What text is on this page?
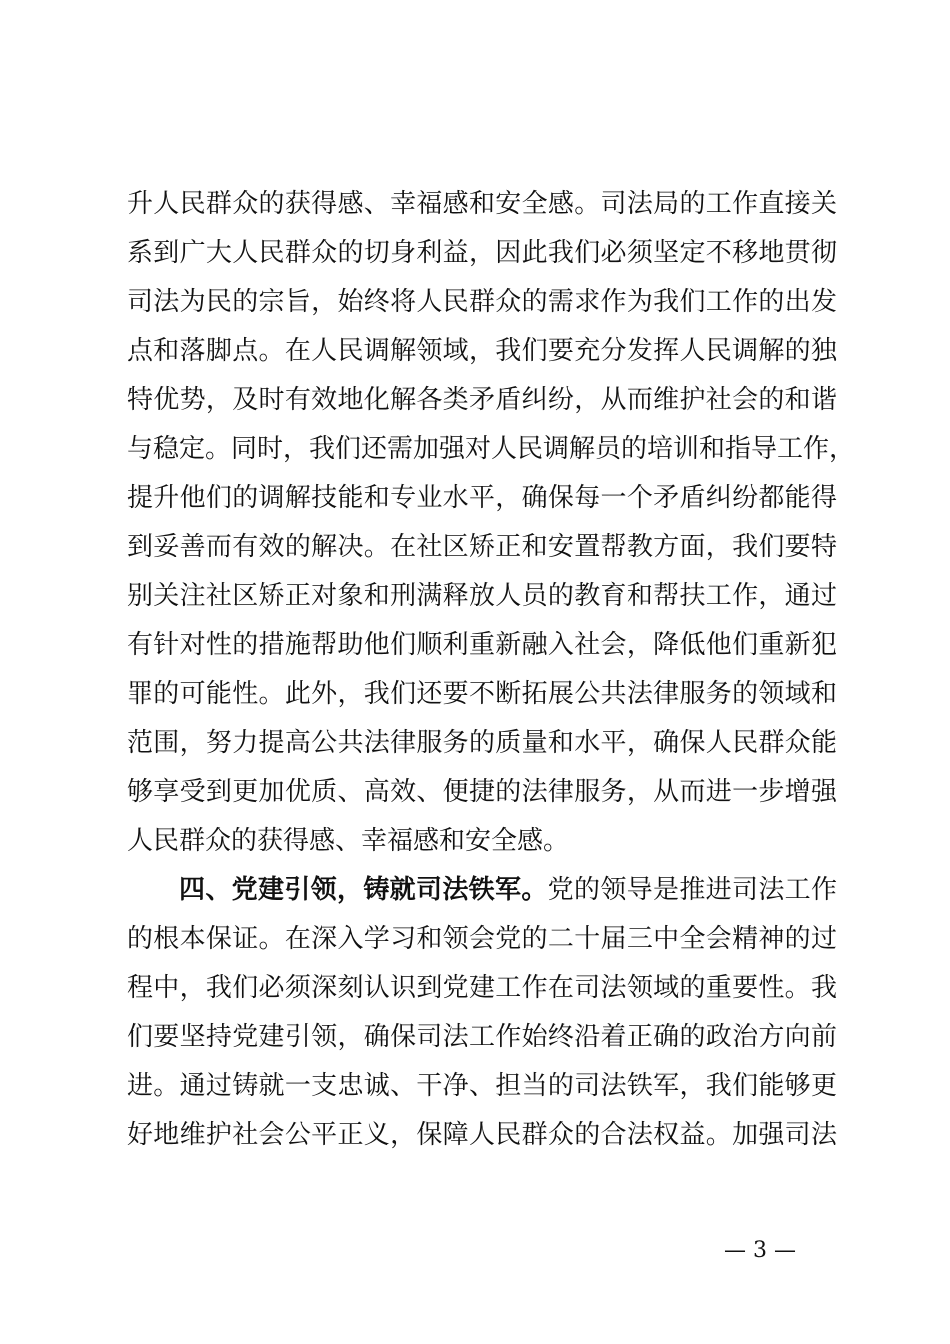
升人民群众的获得感、幸福感和安全感。司法局的工作直接关
系到广大人民群众的切身利益，因此我们必须坚定不移地贯彻
司法为民的宗旨，始终将人民群众的需求作为我们工作的出发
点和落脚点。在人民调解领域，我们要充分发挥人民调解的独
特优势，及时有效地化解各类矛盾纠纷，从而维护社会的和谐
与稳定。同时，我们还需加强对人民调解员的培训和指导工作，
提升他们的调解技能和专业水平，确保每一个矛盾纠纷都能得
到妥善而有效的解决。在社区矫正和安置帮教方面，我们要特
别关注社区矫正对象和刑满释放人员的教育和帮扶工作，通过
有针对性的措施帮助他们顺利重新融入社会，降低他们重新犯
罪的可能性。此外，我们还要不断拓展公共法律服务的领域和
范围，努力提高公共法律服务的质量和水平，确保人民群众能
够享受到更加优质、高效、便捷的法律服务，从而进一步增强
人民群众的获得感、幸福感和安全感。
四、党建引领，铸就司法铁军。党的领导是推进司法工作
的根本保证。在深入学习和领会党的二十届三中全会精神的过
程中，我们必须深刻认识到党建工作在司法领域的重要性。我
们要坚持党建引领，确保司法工作始终沿着正确的政治方向前
进。通过铸就一支忠诚、干净、担当的司法铁军，我们能够更
好地维护社会公平正义，保障人民群众的合法权益。加强司法
— 3 —
